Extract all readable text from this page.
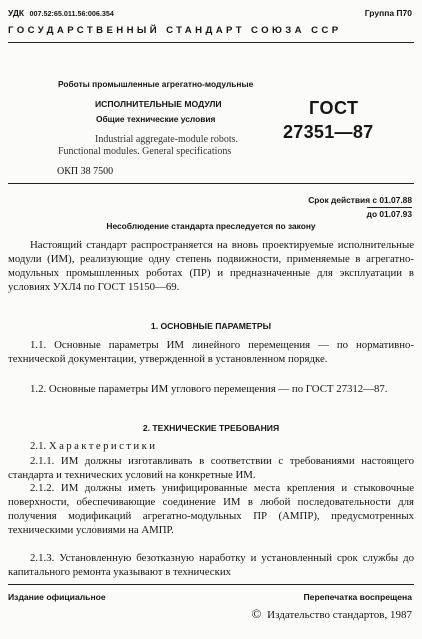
УДК 007.52:65.011.56:006.354	Группа П70
ГОСУДАРСТВЕННЫЙ СТАНДАРТ СОЮЗА ССР
Роботы промышленные агрегатно-модульные
ИСПОЛНИТЕЛЬНЫЕ МОДУЛИ
Общие технические условия
Industrial aggregate-module robots.
Functional modules. General specifications
ГОСТ
27351—87
ОКП 38 7500
Срок действия с 01.07.88
до 01.07.93
Несоблюдение стандарта преследуется по закону
Настоящий стандарт распространяется на вновь проектируемые исполнительные модули (ИМ), реализующие одну степень подвижности, применяемые в агрегатно-модульных промышленных роботах (ПР) и предназначенные для эксплуатации в условиях УХЛ4 по ГОСТ 15150—69.
1. ОСНОВНЫЕ ПАРАМЕТРЫ
1.1. Основные параметры ИМ линейного перемещения — по нормативно-технической документации, утвержденной в установленном порядке.
1.2. Основные параметры ИМ углового перемещения — по ГОСТ 27312—87.
2. ТЕХНИЧЕСКИЕ ТРЕБОВАНИЯ
2.1. Характеристики
2.1.1. ИМ должны изготавливать в соответствии с требованиями настоящего стандарта и технических условий на конкретные ИМ.
2.1.2. ИМ должны иметь унифицированные места крепления и стыковочные поверхности, обеспечивающие соединение ИМ в любой последовательности для получения модификаций агрегатно-модульных ПР (АМПР), предусмотренных техническими условиями на АМПР.
2.1.3. Установленную безотказную наработку и установленный срок службы до капитального ремонта указывают в технических
Издание официальное	Перепечатка воспрещена
© Издательство стандартов, 1987
